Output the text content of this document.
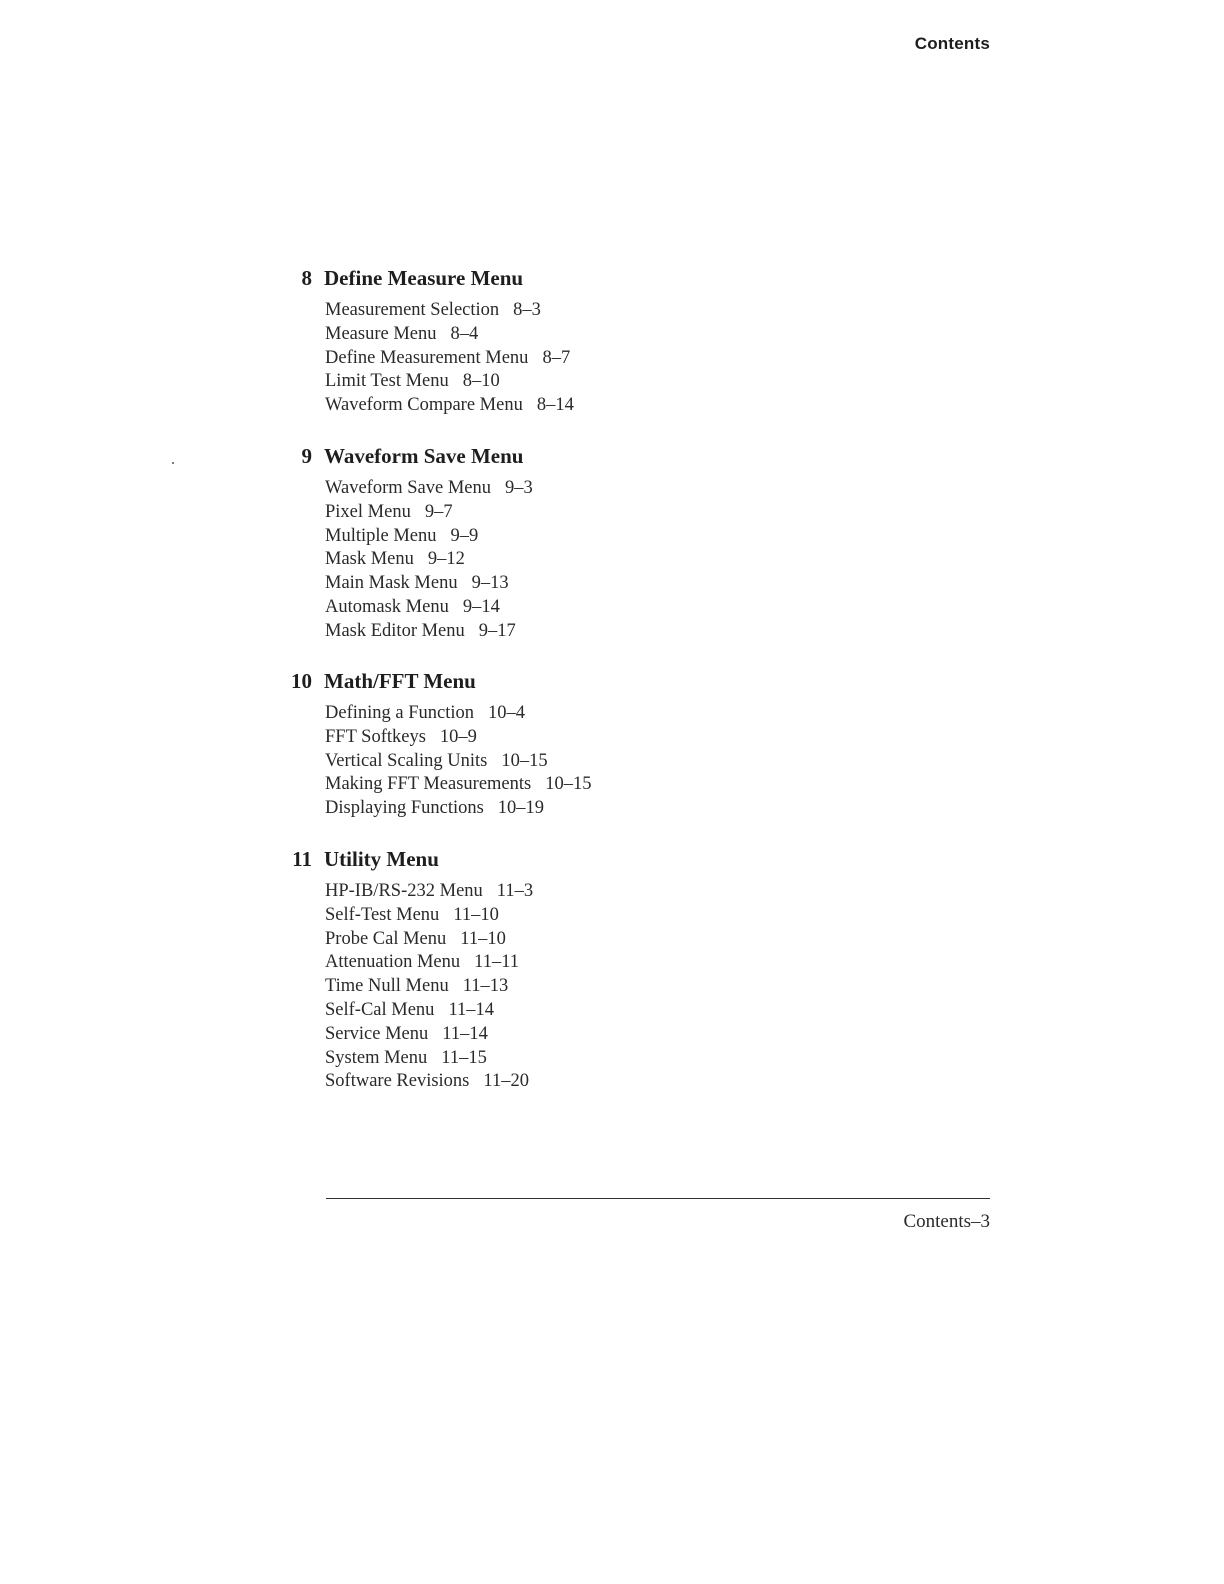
Contents
8 Define Measure Menu
Measurement Selection 8–3
Measure Menu 8–4
Define Measurement Menu 8–7
Limit Test Menu 8–10
Waveform Compare Menu 8–14
9 Waveform Save Menu
Waveform Save Menu 9–3
Pixel Menu 9–7
Multiple Menu 9–9
Mask Menu 9–12
Main Mask Menu 9–13
Automask Menu 9–14
Mask Editor Menu 9–17
10 Math/FFT Menu
Defining a Function 10–4
FFT Softkeys 10–9
Vertical Scaling Units 10–15
Making FFT Measurements 10–15
Displaying Functions 10–19
11 Utility Menu
HP-IB/RS-232 Menu 11–3
Self-Test Menu 11–10
Probe Cal Menu 11–10
Attenuation Menu 11–11
Time Null Menu 11–13
Self-Cal Menu 11–14
Service Menu 11–14
System Menu 11–15
Software Revisions 11–20
Contents–3
